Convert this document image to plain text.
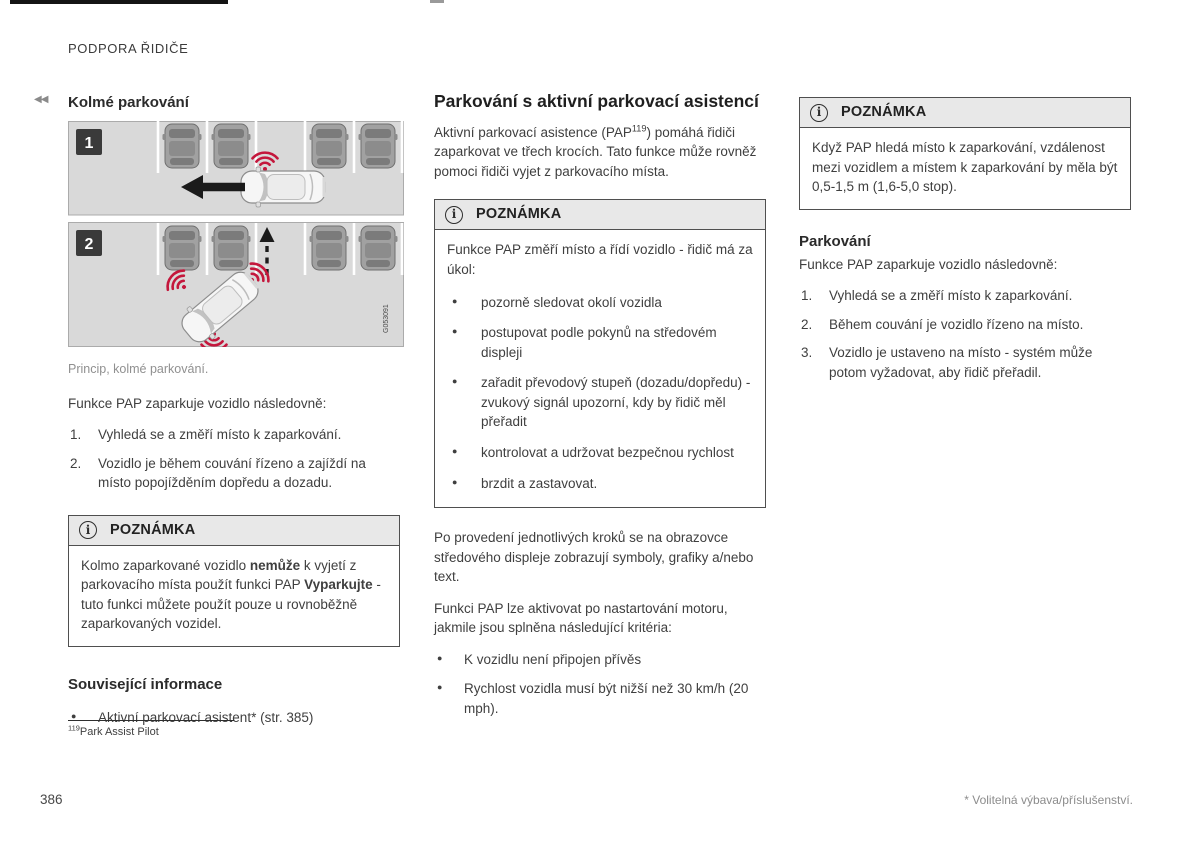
PODPORA ŘIDIČE
◀◀ Kolmé parkování
1
2
G053091
Princip, kolmé parkování.

Funkce PAP zaparkuje vozidlo následovně:

Vyhledá se a změří místo k zaparkování.
Vozidlo je během couvání řízeno a zajíždí na místo popojížděním dopředu a dozadu.
i	POZNÁMKA
Kolmo zaparkované vozidlo nemůže k vyjetí z parkovacího místa použít funkci PAP Vyparkujte - tuto funkci můžete použít pouze u rovnoběžně zaparkovaných vozidel.
Související informace
● Aktivní parkovací asistent* (str. 385)
Parkování s aktivní parkovací asistencí

Aktivní parkovací asistence (PAP$^{119}$) pomáhá řidiči zaparkovat ve třech krocích. Tato funkce může rovněž pomoci řidiči vyjet z parkovacího místa.

i	POZNÁMKA
Funkce PAP změří místo a řídí vozidlo - řidič má za úkol:
● pozorně sledovat okolí vozidla
● postupovat podle pokynů na středovém displeji
● zařadit převodový stupeň (dozadu/dopředu) - zvukový signál upozorní, kdy by řidič měl přeřadit
● kontrolovat a udržovat bezpečnou rychlost
● brzdit a zastavovat.

Po provedení jednotlivých kroků se na obrazovce středového displeje zobrazují symboly, grafiky a/nebo text.

Funkci PAP lze aktivovat po nastartování motoru, jakmile jsou splněna následující kritéria:

● K vozidlu není připojen přívěs
● Rychlost vozidla musí být nižší než 30 km/h (20 mph).
i	POZNÁMKA
Když PAP hledá místo k zaparkování, vzdálenost mezi vozidlem a místem k zaparkování by měla být 0,5-1,5 m (1,6-5,0 stop).
Parkování

Funkce PAP zaparkuje vozidlo následovně:

Vyhledá se a změří místo k zaparkování.
Během couvání je vozidlo řízeno na místo.
Vozidlo je ustaveno na místo - systém může potom vyžadovat, aby řidič přeřadil.
$^{119}$Park Assist Pilot
386	* Volitelná výbava/příslušenství.
